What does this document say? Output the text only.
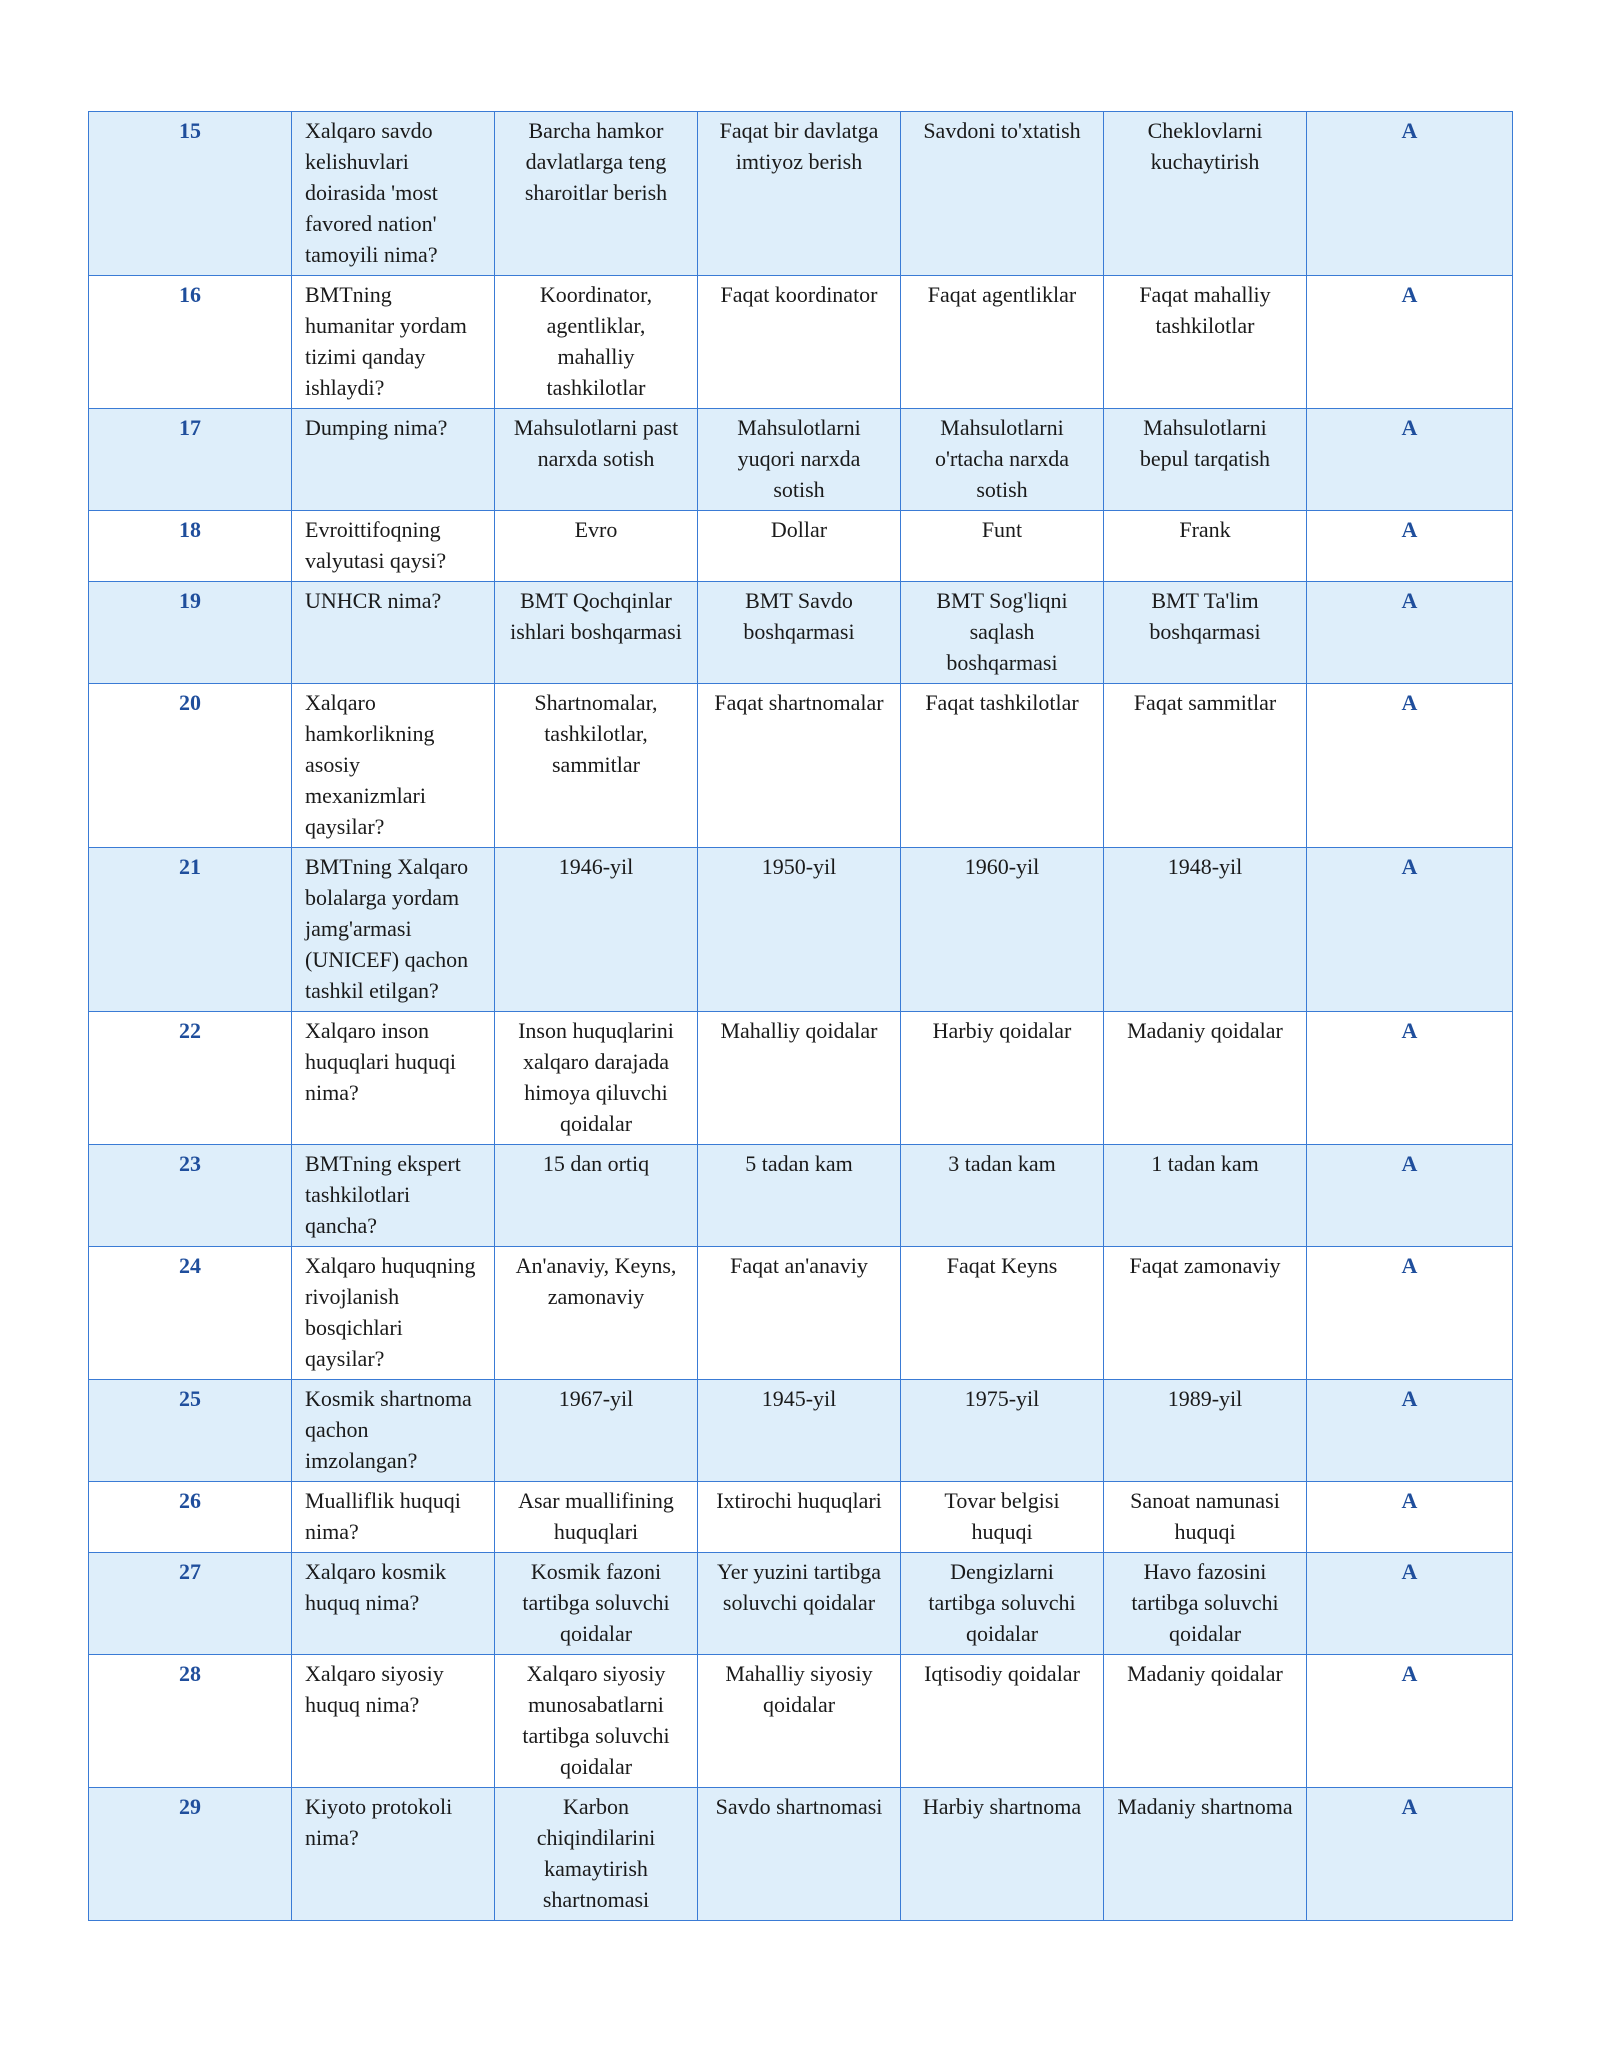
15	Xalqaro savdo kelishuvlari doirasida 'most favored nation' tamoyili nima?	Barcha hamkor davlatlarga teng sharoitlar berish	Faqat bir davlatga imtiyoz berish	Savdoni to'xtatish	Cheklovlarni kuchaytirish	A
16	BMTning humanitar yordam tizimi qanday ishlaydi?	Koordinator, agentliklar, mahalliy tashkilotlar	Faqat koordinator	Faqat agentliklar	Faqat mahalliy tashkilotlar	A
17	Dumping nima?	Mahsulotlarni past narxda sotish	Mahsulotlarni yuqori narxda sotish	Mahsulotlarni o'rtacha narxda sotish	Mahsulotlarni bepul tarqatish	A
18	Evroittifoqning valyutasi qaysi?	Evro	Dollar	Funt	Frank	A
19	UNHCR nima?	BMT Qochqinlar ishlari boshqarmasi	BMT Savdo boshqarmasi	BMT Sog'liqni saqlash boshqarmasi	BMT Ta'lim boshqarmasi	A
20	Xalqaro hamkorlikning asosiy mexanizmlari qaysilar?	Shartnomalar, tashkilotlar, sammitlar	Faqat shartnomalar	Faqat tashkilotlar	Faqat sammitlar	A
21	BMTning Xalqaro bolalarga yordam jamg'armasi (UNICEF) qachon tashkil etilgan?	1946-yil	1950-yil	1960-yil	1948-yil	A
22	Xalqaro inson huquqlari huquqi nima?	Inson huquqlarini xalqaro darajada himoya qiluvchi qoidalar	Mahalliy qoidalar	Harbiy qoidalar	Madaniy qoidalar	A
23	BMTning ekspert tashkilotlari qancha?	15 dan ortiq	5 tadan kam	3 tadan kam	1 tadan kam	A
24	Xalqaro huquqning rivojlanish bosqichlari qaysilar?	An'anaviy, Keyns, zamonaviy	Faqat an'anaviy	Faqat Keyns	Faqat zamonaviy	A
25	Kosmik shartnoma qachon imzolangan?	1967-yil	1945-yil	1975-yil	1989-yil	A
26	Mualliflik huquqi nima?	Asar muallifining huquqlari	Ixtirochi huquqlari	Tovar belgisi huquqi	Sanoat namunasi huquqi	A
27	Xalqaro kosmik huquq nima?	Kosmik fazoni tartibga soluvchi qoidalar	Yer yuzini tartibga soluvchi qoidalar	Dengizlarni tartibga soluvchi qoidalar	Havo fazosini tartibga soluvchi qoidalar	A
28	Xalqaro siyosiy huquq nima?	Xalqaro siyosiy munosabatlarni tartibga soluvchi qoidalar	Mahalliy siyosiy qoidalar	Iqtisodiy qoidalar	Madaniy qoidalar	A
29	Kiyoto protokoli nima?	Karbon chiqindilarini kamaytirish shartnomasi	Savdo shartnomasi	Harbiy shartnoma	Madaniy shartnoma	A
